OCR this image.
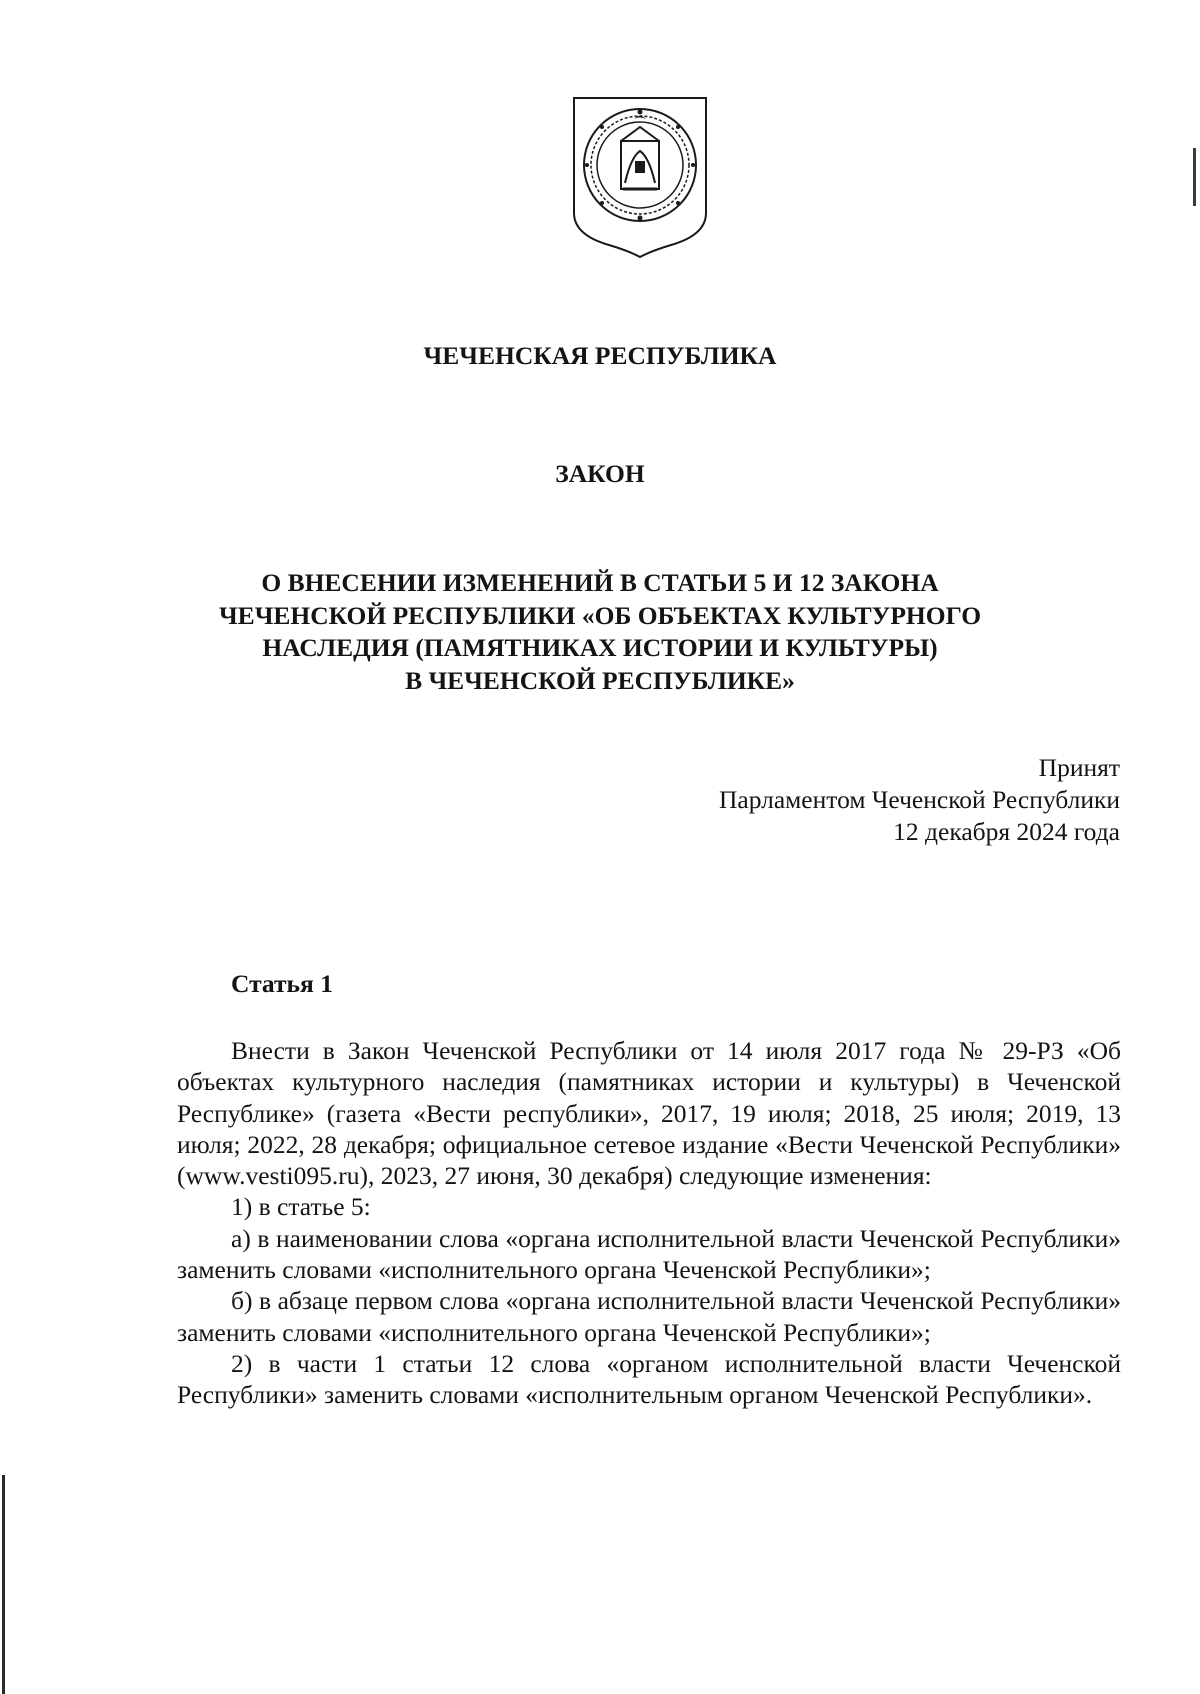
ЧЕЧЕНСКАЯ РЕСПУБЛИКА
ЗАКОН
О ВНЕСЕНИИ ИЗМЕНЕНИЙ В СТАТЬИ 5 И 12 ЗАКОНА
ЧЕЧЕНСКОЙ РЕСПУБЛИКИ «ОБ ОБЪЕКТАХ КУЛЬТУРНОГО
НАСЛЕДИЯ (ПАМЯТНИКАХ ИСТОРИИ И КУЛЬТУРЫ)
В ЧЕЧЕНСКОЙ РЕСПУБЛИКЕ»
Принят
Парламентом Чеченской Республики
12 декабря 2024 года
Статья 1

Внести в Закон Чеченской Республики от 14 июля 2017 года № 29-РЗ «Об объектах культурного наследия (памятниках истории и культуры) в Чеченской Республике» (газета «Вести республики», 2017, 19 июля; 2018, 25 июля; 2019, 13 июля; 2022, 28 декабря; официальное сетевое издание «Вести Чеченской Республики» (www.vesti095.ru), 2023, 27 июня, 30 декабря) следующие изменения:

1) в статье 5:

а) в наименовании слова «органа исполнительной власти Чеченской Республики» заменить словами «исполнительного органа Чеченской Республики»;

б) в абзаце первом слова «органа исполнительной власти Чеченской Республики» заменить словами «исполнительного органа Чеченской Республики»;

2) в части 1 статьи 12 слова «органом исполнительной власти Чеченской Республики» заменить словами «исполнительным органом Чеченской Республики».
